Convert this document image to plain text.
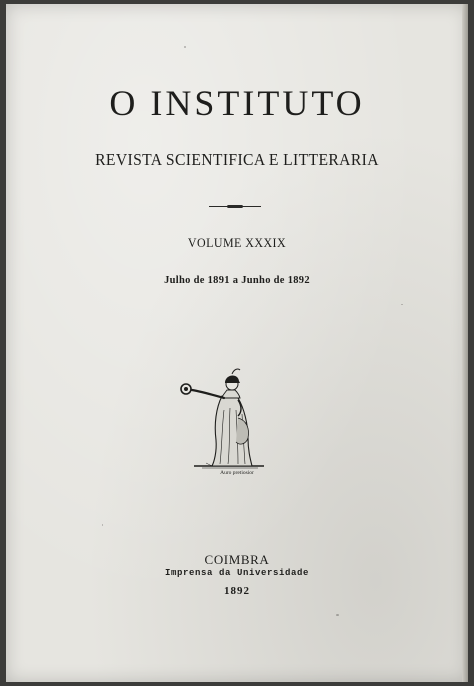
O INSTITUTO
REVISTA SCIENTIFICA E LITTERARIA
VOLUME XXXIX
Julho de 1891 a Junho de 1892
Auro pretiosior
COIMBRA
Imprensa da Universidade
1892
